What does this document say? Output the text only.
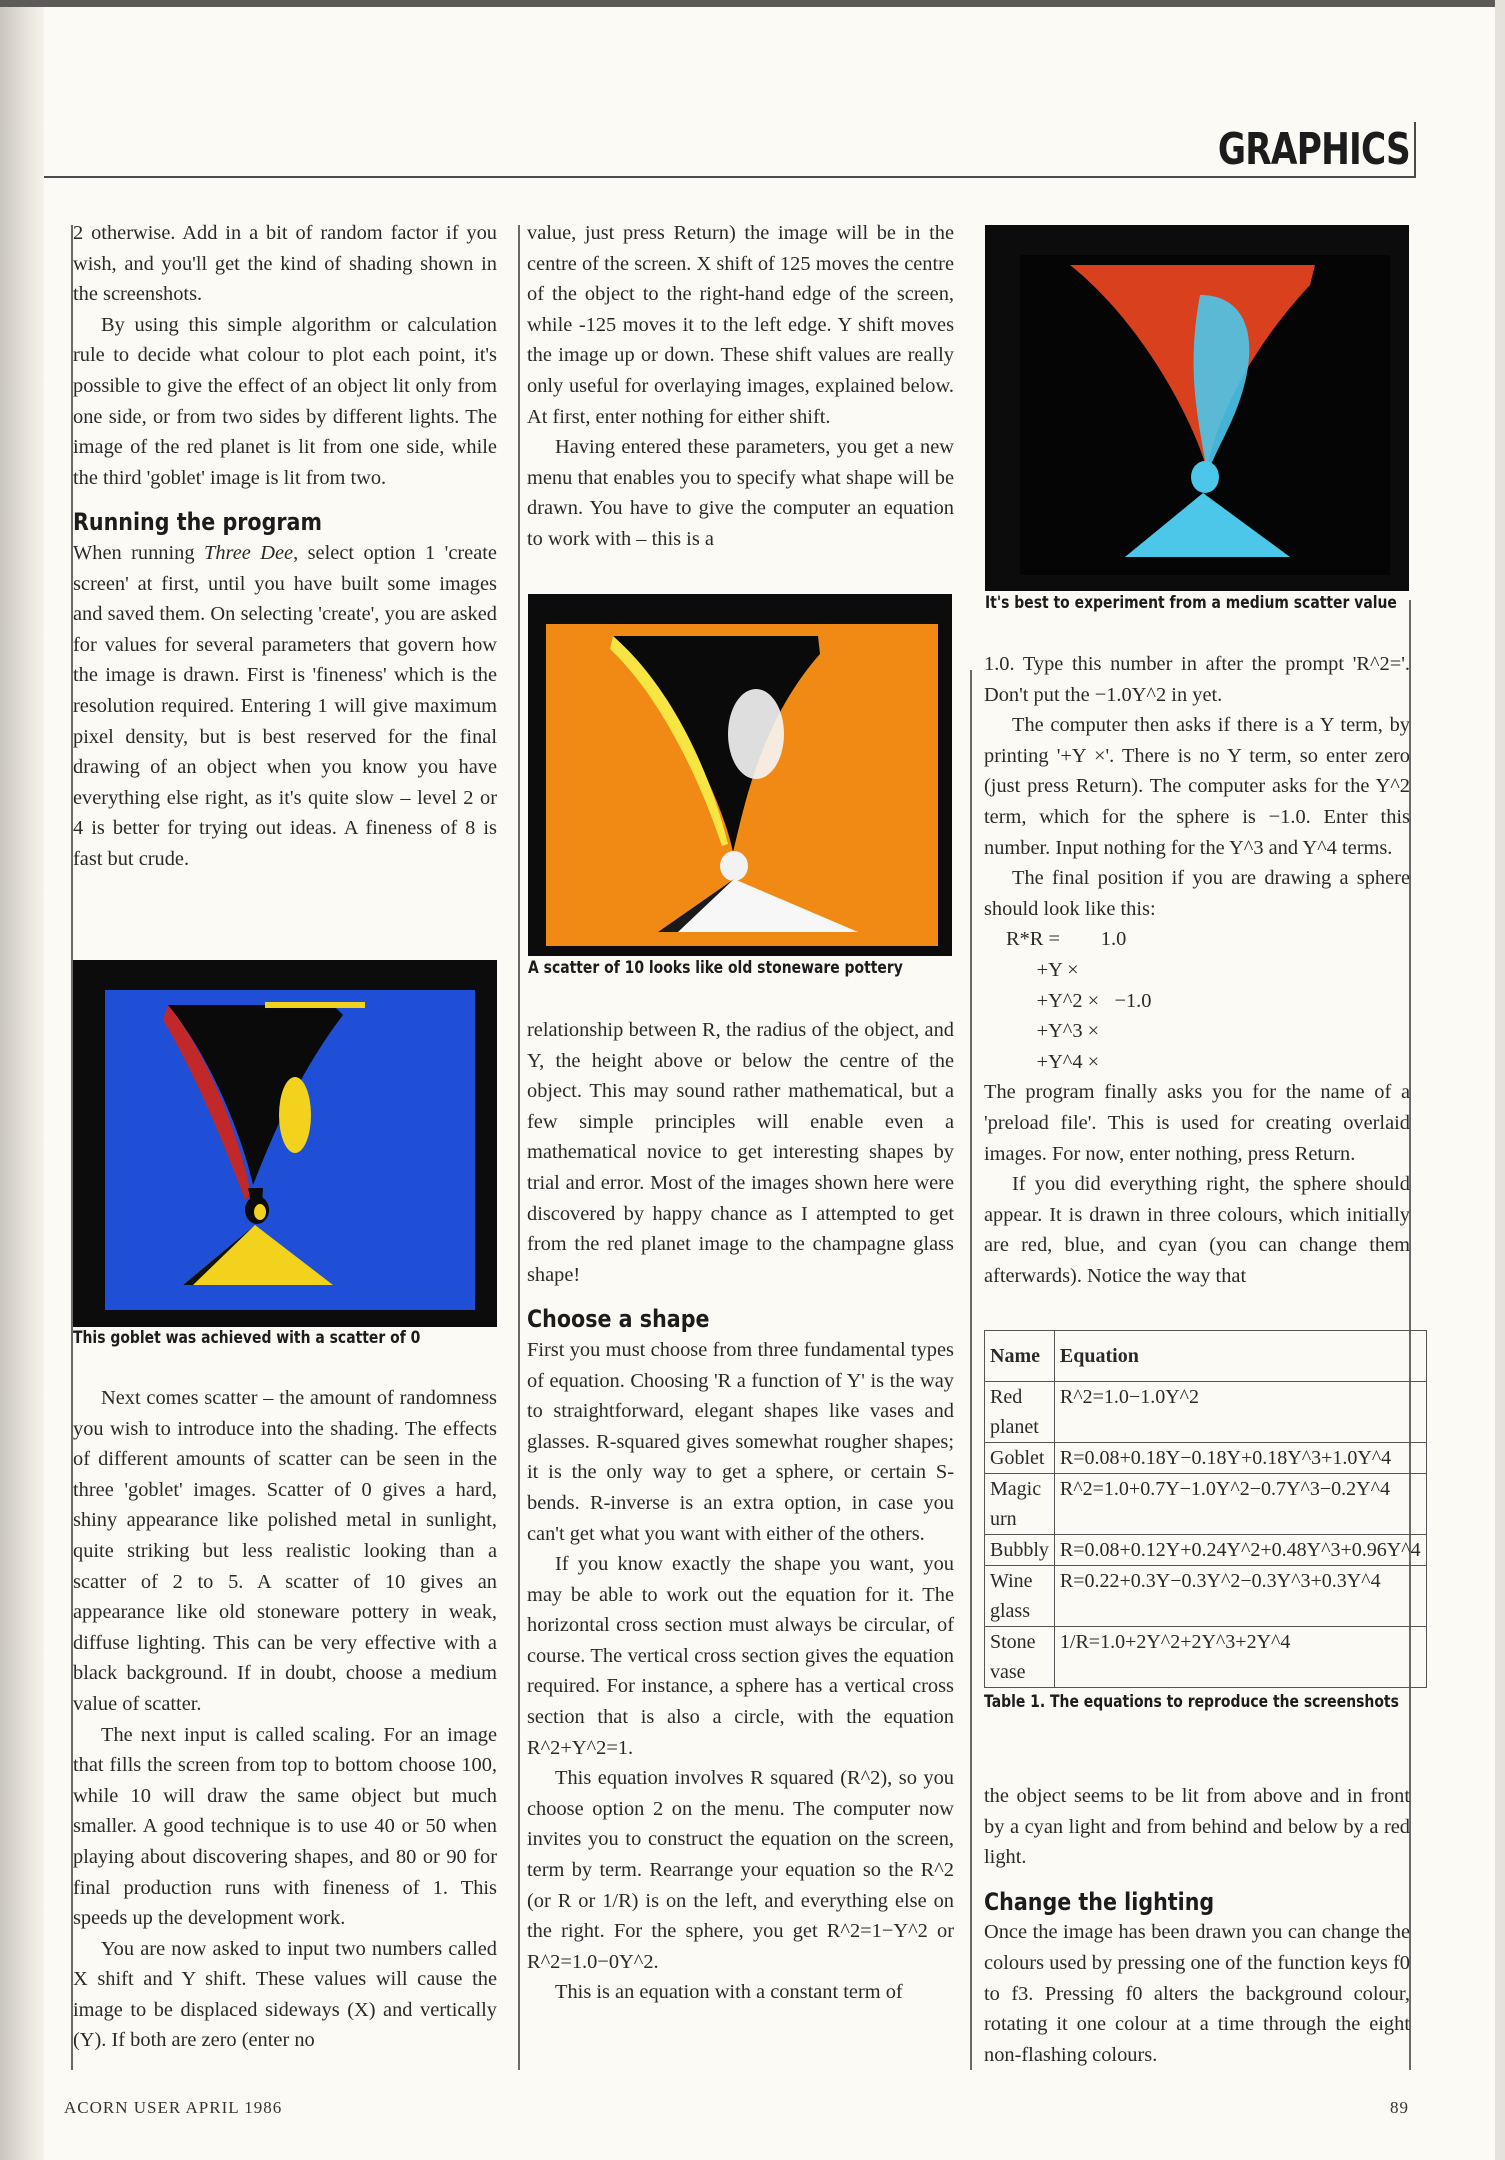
GRAPHICS

2 otherwise. Add in a bit of random factor if you wish, and you'll get the kind of shading shown in the screenshots.

By using this simple algorithm or calculation rule to decide what colour to plot each point, it's possible to give the effect of an object lit only from one side, or from two sides by different lights. The image of the red planet is lit from one side, while the third 'goblet' image is lit from two.

Running the program

When running Three Dee, select option 1 'create screen' at first, until you have built some images and saved them. On selecting 'create', you are asked for values for several parameters that govern how the image is drawn. First is 'fineness' which is the resolution required. Entering 1 will give maximum pixel density, but is best reserved for the final drawing of an object when you know you have everything else right, as it's quite slow – level 2 or 4 is better for trying out ideas. A fineness of 8 is fast but crude.

This goblet was achieved with a scatter of 0

Next comes scatter – the amount of randomness you wish to introduce into the shading. The effects of different amounts of scatter can be seen in the three 'goblet' images. Scatter of 0 gives a hard, shiny appearance like polished metal in sunlight, quite striking but less realistic looking than a scatter of 2 to 5. A scatter of 10 gives an appearance like old stoneware pottery in weak, diffuse lighting. This can be very effective with a black background. If in doubt, choose a medium value of scatter.

The next input is called scaling. For an image that fills the screen from top to bottom choose 100, while 10 will draw the same object but much smaller. A good technique is to use 40 or 50 when playing about discovering shapes, and 80 or 90 for final production runs with fineness of 1. This speeds up the development work.

You are now asked to input two numbers called X shift and Y shift. These values will cause the image to be displaced sideways (X) and vertically (Y). If both are zero (enter no

value, just press Return) the image will be in the centre of the screen. X shift of 125 moves the centre of the object to the right-hand edge of the screen, while -125 moves it to the left edge. Y shift moves the image up or down. These shift values are really only useful for overlaying images, explained below. At first, enter nothing for either shift.

Having entered these parameters, you get a new menu that enables you to specify what shape will be drawn. You have to give the computer an equation to work with – this is a

A scatter of 10 looks like old stoneware pottery

relationship between R, the radius of the object, and Y, the height above or below the centre of the object. This may sound rather mathematical, but a few simple principles will enable even a mathematical novice to get interesting shapes by trial and error. Most of the images shown here were discovered by happy chance as I attempted to get from the red planet image to the champagne glass shape!

Choose a shape

First you must choose from three fundamental types of equation. Choosing 'R a function of Y' is the way to straightforward, elegant shapes like vases and glasses. R-squared gives somewhat rougher shapes; it is the only way to get a sphere, or certain S-bends. R-inverse is an extra option, in case you can't get what you want with either of the others.

If you know exactly the shape you want, you may be able to work out the equation for it. The horizontal cross section must always be circular, of course. The vertical cross section gives the equation required. For instance, a sphere has a vertical cross section that is also a circle, with the equation R^2+Y^2=1.

This equation involves R squared (R^2), so you choose option 2 on the menu. The computer now invites you to construct the equation on the screen, term by term. Rearrange your equation so the R^2 (or R or 1/R) is on the left, and everything else on the right. For the sphere, you get R^2=1−Y^2 or R^2=1.0−0Y^2.

This is an equation with a constant term of

It's best to experiment from a medium scatter value

1.0. Type this number in after the prompt 'R^2='. Don't put the −1.0Y^2 in yet.

The computer then asks if there is a Y term, by printing '+Y ×'. There is no Y term, so enter zero (just press Return). The computer asks for the Y^2 term, which for the sphere is −1.0. Enter this number. Input nothing for the Y^3 and Y^4 terms.

The final position if you are drawing a sphere should look like this:

R*R =        1.0
+Y ×
+Y^2 ×   −1.0
+Y^3 ×
+Y^4 ×

The program finally asks you for the name of a 'preload file'. This is used for creating overlaid images. For now, enter nothing, press Return.

If you did everything right, the sphere should appear. It is drawn in three colours, which initially are red, blue, and cyan (you can change them afterwards). Notice the way that

Name	Equation
Red planet	R^2=1.0−1.0Y^2
Goblet	R=0.08+0.18Y−0.18Y+0.18Y^3+1.0Y^4
Magic urn	R^2=1.0+0.7Y−1.0Y^2−0.7Y^3−0.2Y^4
Bubbly	R=0.08+0.12Y+0.24Y^2+0.48Y^3+0.96Y^4
Wine glass	R=0.22+0.3Y−0.3Y^2−0.3Y^3+0.3Y^4
Stone vase	1/R=1.0+2Y^2+2Y^3+2Y^4
Table 1. The equations to reproduce the screenshots

the object seems to be lit from above and in front by a cyan light and from behind and below by a red light.

Change the lighting

Once the image has been drawn you can change the colours used by pressing one of the function keys f0 to f3. Pressing f0 alters the background colour, rotating it one colour at a time through the eight non-flashing colours.

ACORN USER APRIL 1986	89
